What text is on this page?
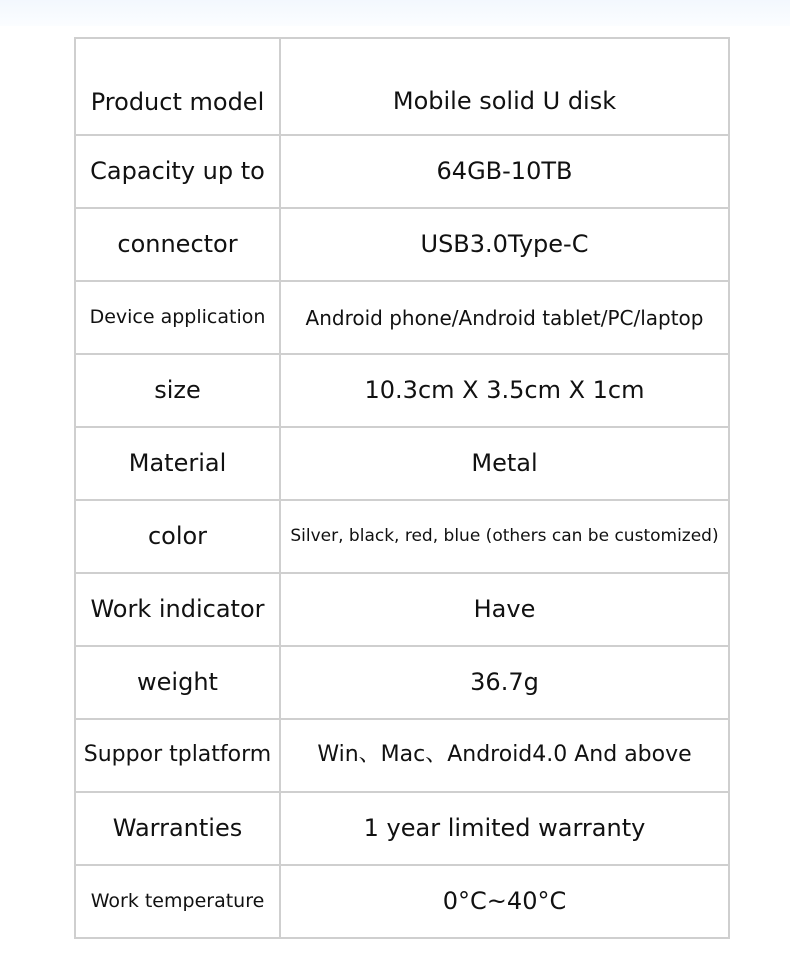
Product model	Mobile solid U disk
Capacity up to	64GB-10TB
connector	USB3.0Type-C
Device application	Android phone/Android tablet/PC/laptop
size	10.3cm X 3.5cm X 1cm
Material	Metal
color	Silver, black, red, blue (others can be customized)
Work indicator	Have
weight	36.7g
Suppor tplatform	Win、Mac、Android4.0 And above
Warranties	1 year limited warranty
Work temperature	0°C~40°C
